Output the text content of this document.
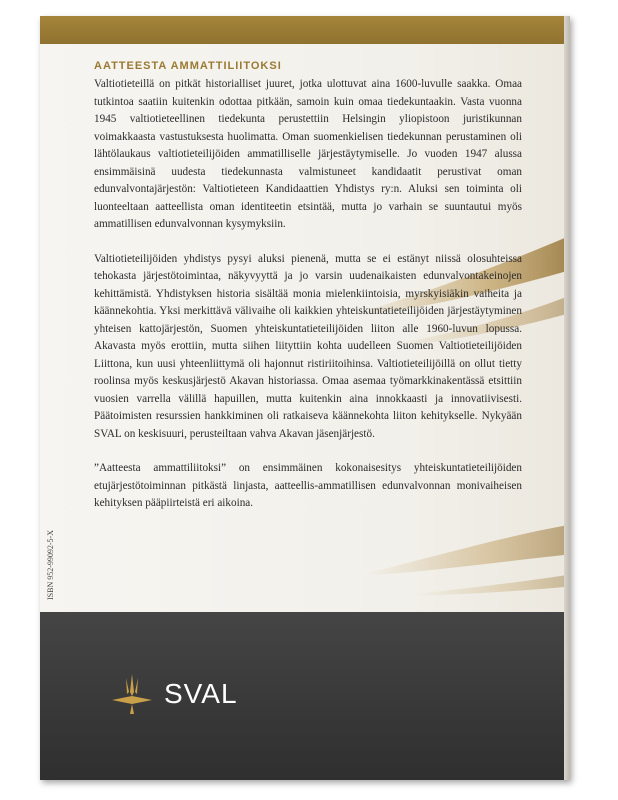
AATTEESTA AMMATTILIITOKSI

Valtiotieteillä on pitkät historialliset juuret, jotka ulottuvat aina 1600-luvulle saakka. Omaa tutkintoa saatiin kuitenkin odottaa pitkään, samoin kuin omaa tiedekuntaakin. Vasta vuonna 1945 valtiotieteellinen tiedekunta perustettiin Helsingin yliopistoon juristikunnan voimakkaasta vastustuksesta huolimatta. Oman suomenkielisen tiedekunnan perustaminen oli lähtölaukaus valtiotieteilijöiden ammatilliselle järjestäytymiselle. Jo vuoden 1947 alussa ensimmäisinä uudesta tiedekunnasta valmistuneet kandidaatit perustivat oman edunvalvontajärjestön: Valtiotieteen Kandidaattien Yhdistys ry:n. Aluksi sen toiminta oli luonteeltaan aatteellista oman identiteetin etsintää, mutta jo varhain se suuntautui myös ammatillisen edunvalvonnan kysymyksiin.

Valtiotieteilijöiden yhdistys pysyi aluksi pienenä, mutta se ei estänyt niissä olosuhteissa tehokasta järjestötoimintaa, näkyvyyttä ja jo varsin uudenaikaisten edunvalvontakeinojen kehittämistä. Yhdistyksen historia sisältää monia mielenkiintoisia, myrskyisiäkin vaiheita ja käännekohtia. Yksi merkittävä välivaihe oli kaikkien yhteiskuntatieteilijöiden järjestäytyminen yhteisen kattojärjestön, Suomen yhteiskuntatieteilijöiden liiton alle 1960-luvun lopussa. Akavasta myös erottiin, mutta siihen liityttiin kohta uudelleen Suomen Valtiotieteilijöiden Liittona, kun uusi yhteenliittymä oli hajonnut ristiriitoihinsa. Valtiotieteilijöillä on ollut tietty roolinsa myös keskusjärjestö Akavan historiassa. Omaa asemaa työmarkkinakentässä etsittiin vuosien varrella välillä hapuillen, mutta kuitenkin aina innokkaasti ja innovatiivisesti. Päätoimisten resurssien hankkiminen oli ratkaiseva käännekohta liiton kehitykselle. Nykyään SVAL on keskisuuri, perusteiltaan vahva Akavan jäsenjärjestö.

”Aatteesta ammattiliitoksi” on ensimmäinen kokonaisesitys yhteiskuntatieteilijöiden etujärjestötoiminnan pitkästä linjasta, aatteellis-ammatillisen edunvalvonnan monivaiheisen kehityksen pääpiirteistä eri aikoina.

ISBN 952-99092-5-X
SVAL
